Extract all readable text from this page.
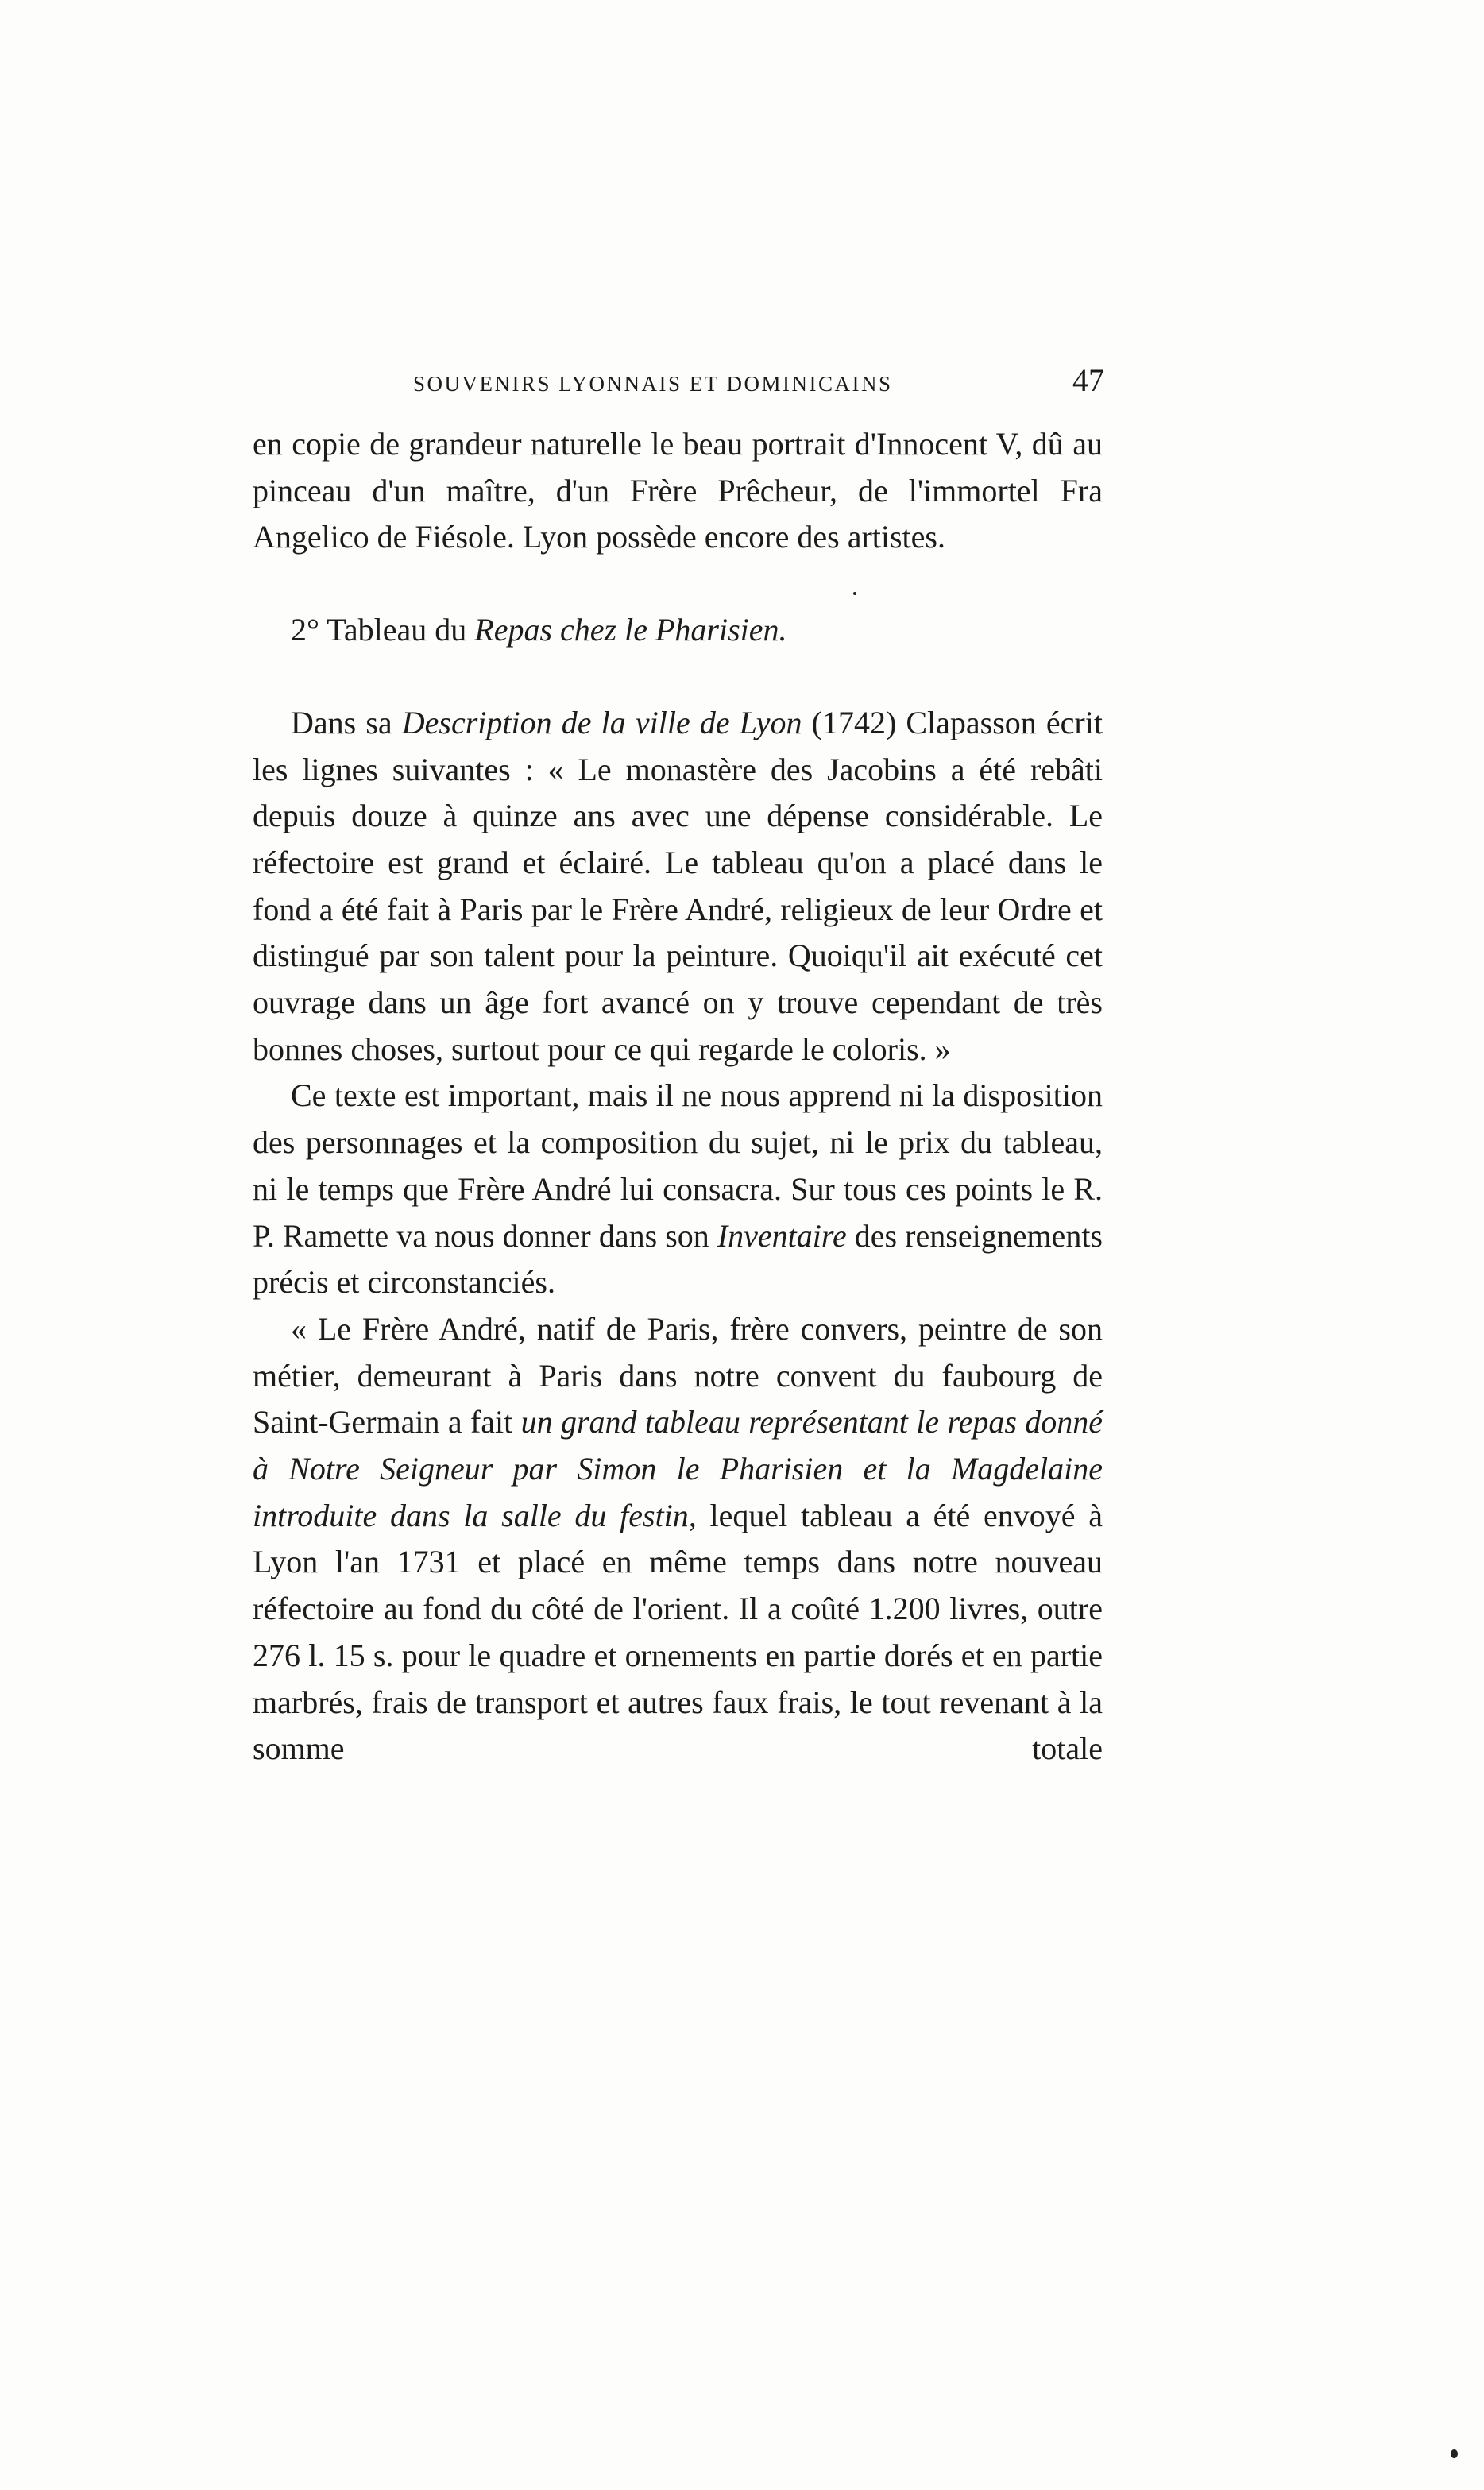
SOUVENIRS LYONNAIS ET DOMINICAINS	47

en copie de grandeur naturelle le beau portrait d'Innocent V, dû au pinceau d'un maître, d'un Frère Prêcheur, de l'immortel Fra Angelico de Fiésole. Lyon possède encore des artistes.

2° Tableau du Repas chez le Pharisien.

Dans sa Description de la ville de Lyon (1742) Clapasson écrit les lignes suivantes : « Le monastère des Jacobins a été rebâti depuis douze à quinze ans avec une dépense considérable. Le réfectoire est grand et éclairé. Le tableau qu'on a placé dans le fond a été fait à Paris par le Frère André, religieux de leur Ordre et distingué par son talent pour la peinture. Quoiqu'il ait exécuté cet ouvrage dans un âge fort avancé on y trouve cependant de très bonnes choses, surtout pour ce qui regarde le coloris. »

Ce texte est important, mais il ne nous apprend ni la disposition des personnages et la composition du sujet, ni le prix du tableau, ni le temps que Frère André lui consacra. Sur tous ces points le R. P. Ramette va nous donner dans son Inventaire des renseignements précis et circonstanciés.

« Le Frère André, natif de Paris, frère convers, peintre de son métier, demeurant à Paris dans notre convent du faubourg de Saint-Germain a fait un grand tableau représentant le repas donné à Notre Seigneur par Simon le Pharisien et la Magdelaine introduite dans la salle du festin, lequel tableau a été envoyé à Lyon l'an 1731 et placé en même temps dans notre nouveau réfectoire au fond du côté de l'orient. Il a coûté 1.200 livres, outre 276 l. 15 s. pour le quadre et ornements en partie dorés et en partie marbrés, frais de transport et autres faux frais, le tout revenant à la somme totale
